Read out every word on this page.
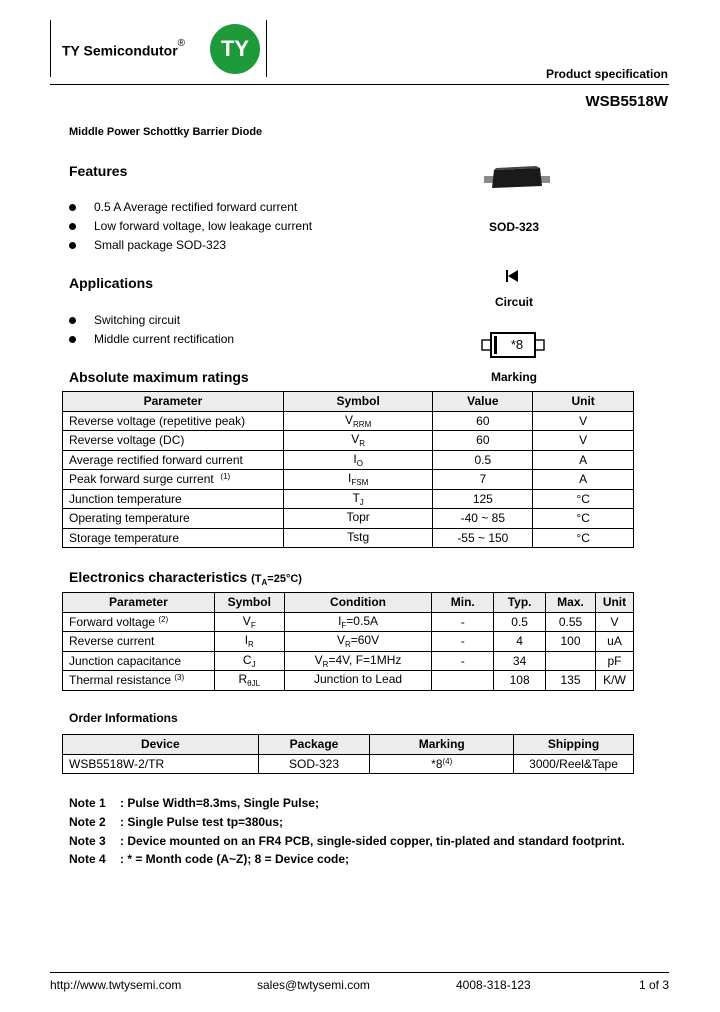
TY Semicondutor®	TY
Product specification
WSB5518W
Middle Power Schottky Barrier Diode
Features
0.5 A Average rectified forward current
Low forward voltage, low leakage current
Small package SOD-323
Applications
Switching circuit
Middle current rectification
SOD-323
Circuit
*8
Marking
Absolute maximum ratings
Parameter	Symbol	Value	Unit
Reverse voltage (repetitive peak)	$V_{RRM}$	60	V
Reverse voltage (DC)	$V_R$	60	V
Average rectified forward current	$I_O$	0.5	A
Peak forward surge current $^{(1)}$	$I_{FSM}$	7	A
Junction temperature	$T_J$	125	°C
Operating temperature	Topr	-40 ~ 85	°C
Storage temperature	Tstg	-55 ~ 150	°C
Electronics characteristics $(T_A=25^\circ C)$
Parameter	Symbol	Condition	Min.	Typ.	Max.	Unit
Forward voltage $^{(2)}$	$V_F$	$I_F=0.5A$	-	0.5	0.55	V
Reverse current	$I_R$	$V_R=60V$	-	4	100	uA
Junction capacitance	$C_J$	$V_R=4V$, F=1MHz	-	34		pF
Thermal resistance $^{(3)}$	$R_{\theta JL}$	Junction to Lead		108	135	K/W
Order Informations
Device	Package	Marking	Shipping
WSB5518W-2/TR	SOD-323	*8$^{(4)}$	3000/Reel&Tape
Note 1 : Pulse Width=8.3ms, Single Pulse;
Note 2 : Single Pulse test tp=380us;
Note 3 : Device mounted on an FR4 PCB, single-sided copper, tin-plated and standard footprint.
Note 4 : * = Month code (A~Z); 8 = Device code;
http://www.twtysemi.com	sales@twtysemi.com	4008-318-123	1 of 3
